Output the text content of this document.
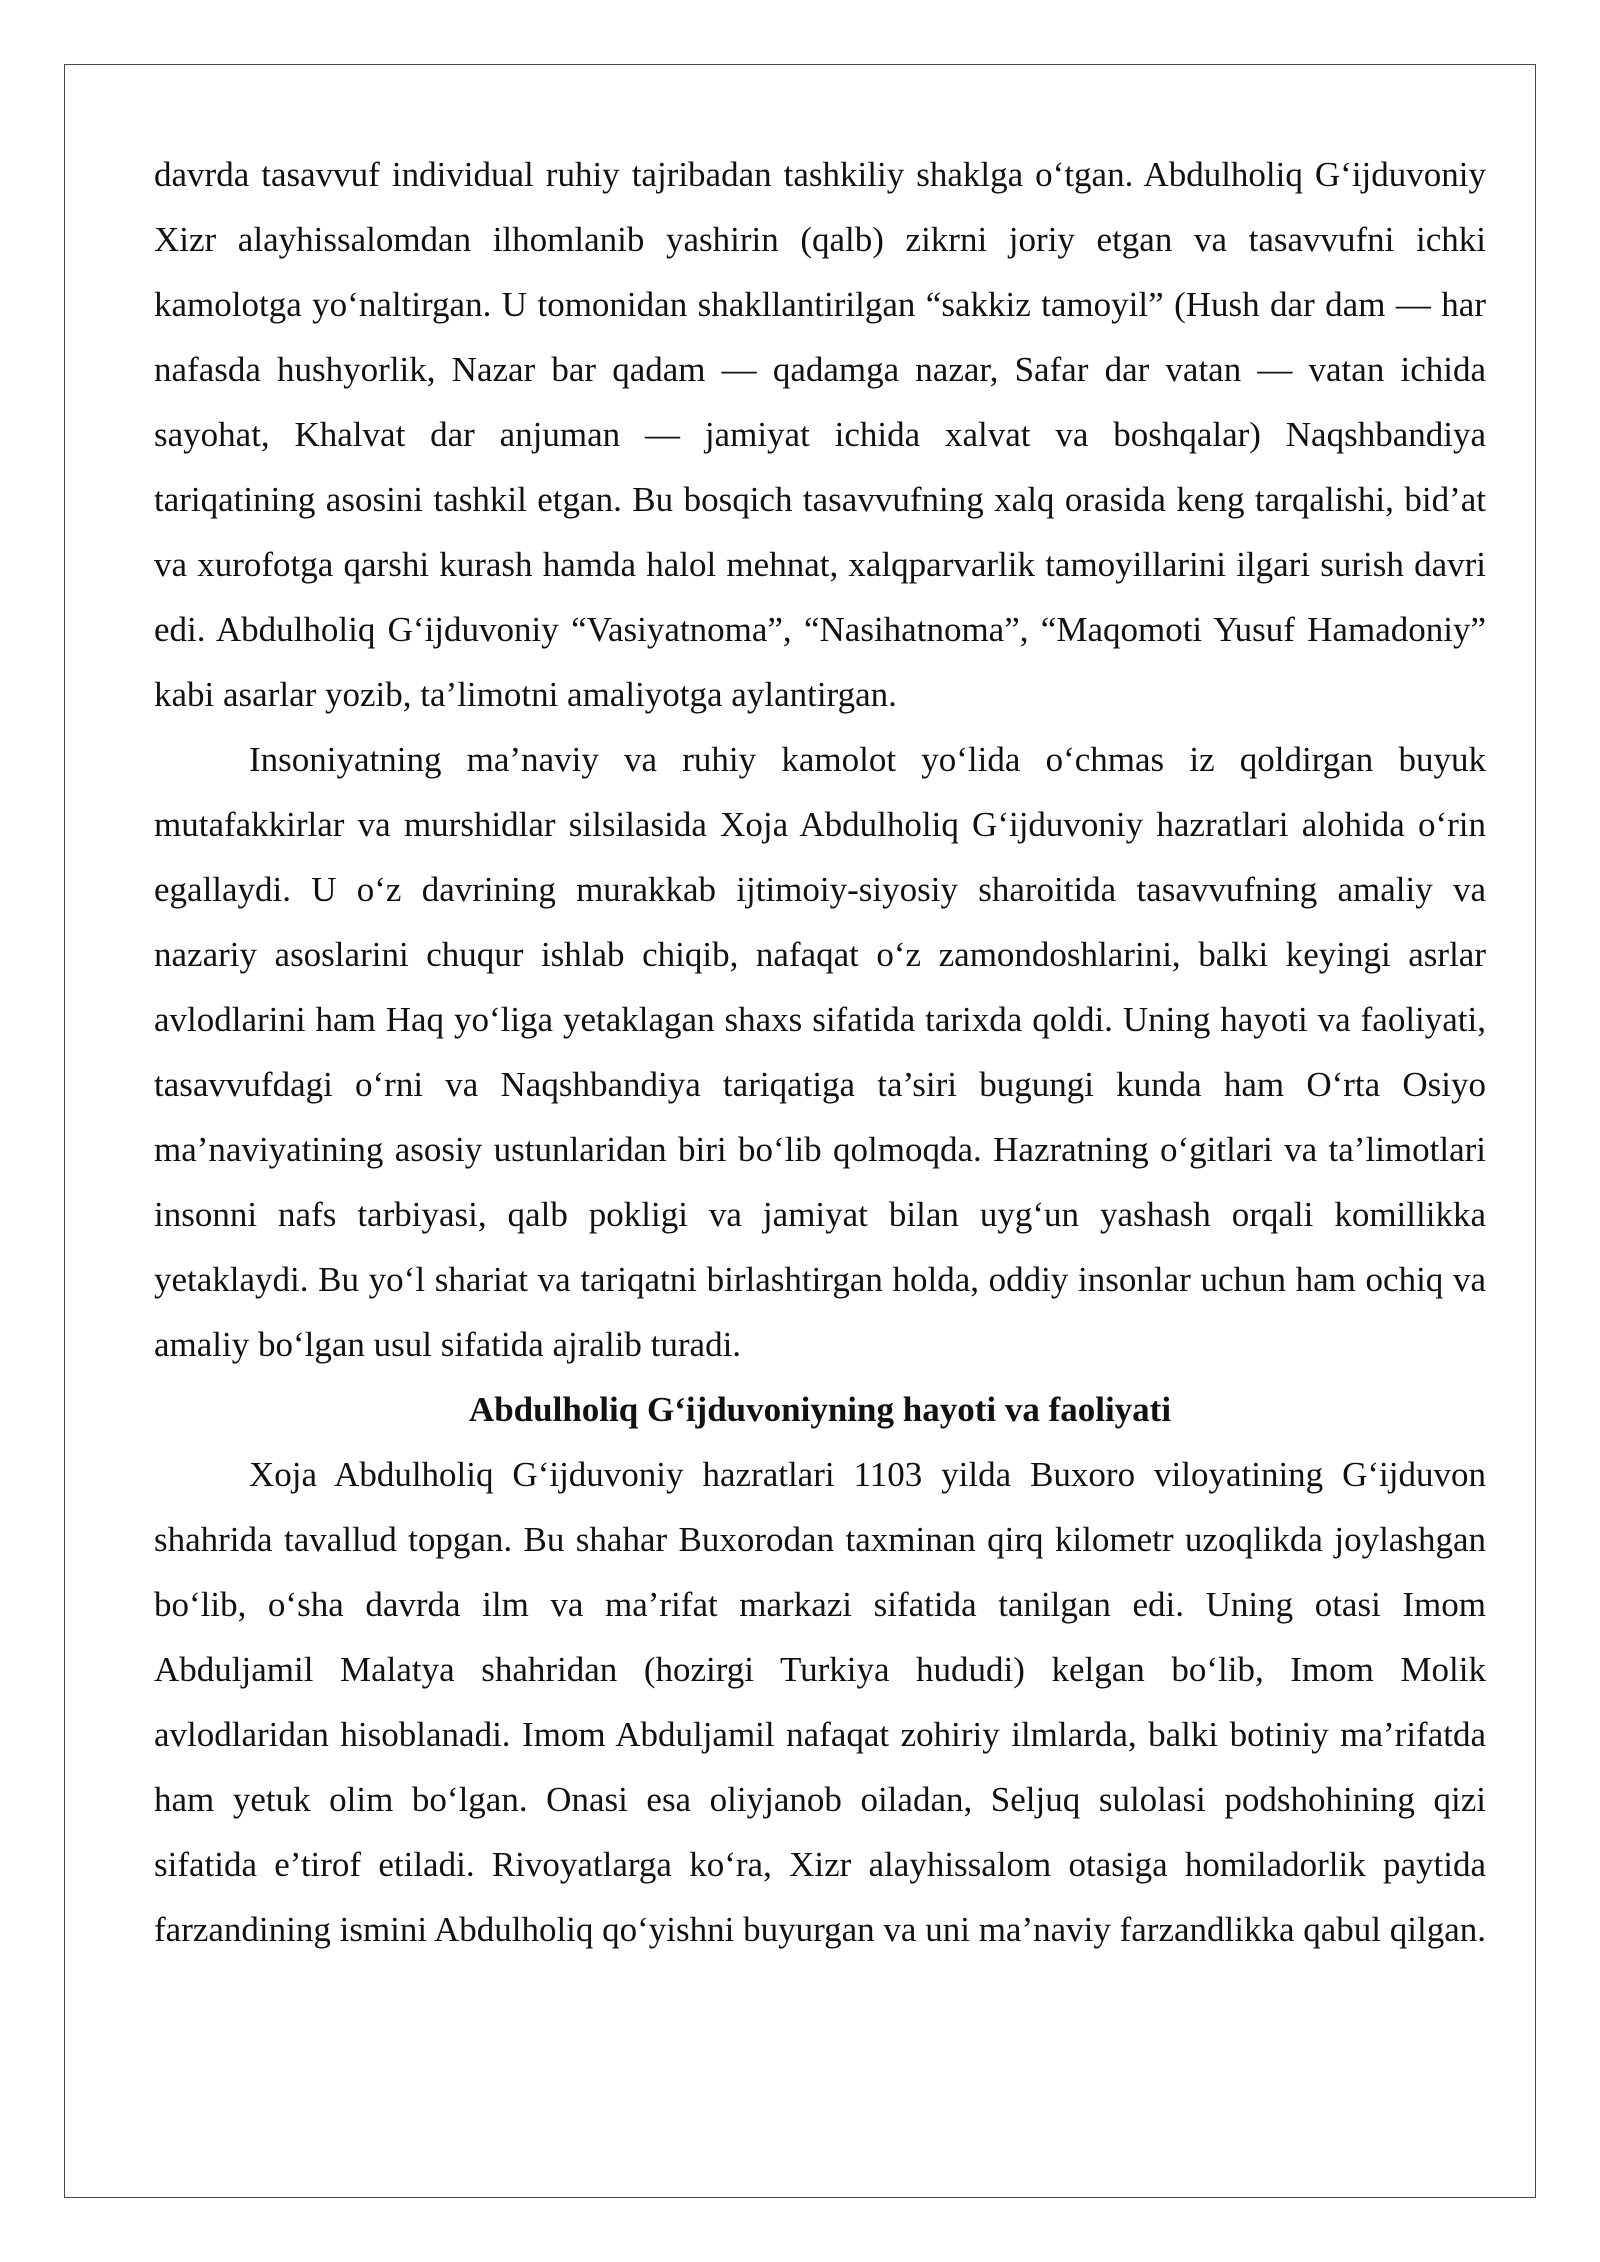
davrda tasavvuf individual ruhiy tajribadan tashkiliy shaklga o‘tgan. Abdulholiq G‘ijduvoniy Xizr alayhissalomdan ilhomlanib yashirin (qalb) zikrni joriy etgan va tasavvufni ichki kamolotga yo‘naltirgan. U tomonidan shakllantirilgan “sakkiz tamoyil” (Hush dar dam — har nafasda hushyorlik, Nazar bar qadam — qadamga nazar, Safar dar vatan — vatan ichida sayohat, Khalvat dar anjuman — jamiyat ichida xalvat va boshqalar) Naqshbandiya tariqatining asosini tashkil etgan. Bu bosqich tasavvufning xalq orasida keng tarqalishi, bid’at va xurofotga qarshi kurash hamda halol mehnat, xalqparvarlik tamoyillarini ilgari surish davri edi. Abdulholiq G‘ijduvoniy “Vasiyatnoma”, “Nasihatnoma”, “Maqomoti Yusuf Hamadoniy” kabi asarlar yozib, ta’limotni amaliyotga aylantirgan.

Insoniyatning ma’naviy va ruhiy kamolot yo‘lida o‘chmas iz qoldirgan buyuk mutafakkirlar va murshidlar silsilasida Xoja Abdulholiq G‘ijduvoniy hazratlari alohida o‘rin egallaydi. U o‘z davrining murakkab ijtimoiy-siyosiy sharoitida tasavvufning amaliy va nazariy asoslarini chuqur ishlab chiqib, nafaqat o‘z zamondoshlarini, balki keyingi asrlar avlodlarini ham Haq yo‘liga yetaklagan shaxs sifatida tarixda qoldi. Uning hayoti va faoliyati, tasavvufdagi o‘rni va Naqshbandiya tariqatiga ta’siri bugungi kunda ham O‘rta Osiyo ma’naviyatining asosiy ustunlaridan biri bo‘lib qolmoqda. Hazratning o‘gitlari va ta’limotlari insonni nafs tarbiyasi, qalb pokligi va jamiyat bilan uyg‘un yashash orqali komillikka yetaklaydi. Bu yo‘l shariat va tariqatni birlashtirgan holda, oddiy insonlar uchun ham ochiq va amaliy bo‘lgan usul sifatida ajralib turadi.

Abdulholiq G‘ijduvoniyning hayoti va faoliyati

Xoja Abdulholiq G‘ijduvoniy hazratlari 1103 yilda Buxoro viloyatining G‘ijduvon shahrida tavallud topgan. Bu shahar Buxorodan taxminan qirq kilometr uzoqlikda joylashgan bo‘lib, o‘sha davrda ilm va ma’rifat markazi sifatida tanilgan edi. Uning otasi Imom Abduljamil Malatya shahridan (hozirgi Turkiya hududi) kelgan bo‘lib, Imom Molik avlodlaridan hisoblanadi. Imom Abduljamil nafaqat zohiriy ilmlarda, balki botiniy ma’rifatda ham yetuk olim bo‘lgan. Onasi esa oliyjanob oiladan, Seljuq sulolasi podshohining qizi sifatida e’tirof etiladi. Rivoyatlarga ko‘ra, Xizr alayhissalom otasiga homiladorlik paytida farzandining ismini Abdulholiq qo‘yishni buyurgan va uni ma’naviy farzandlikka qabul qilgan.
